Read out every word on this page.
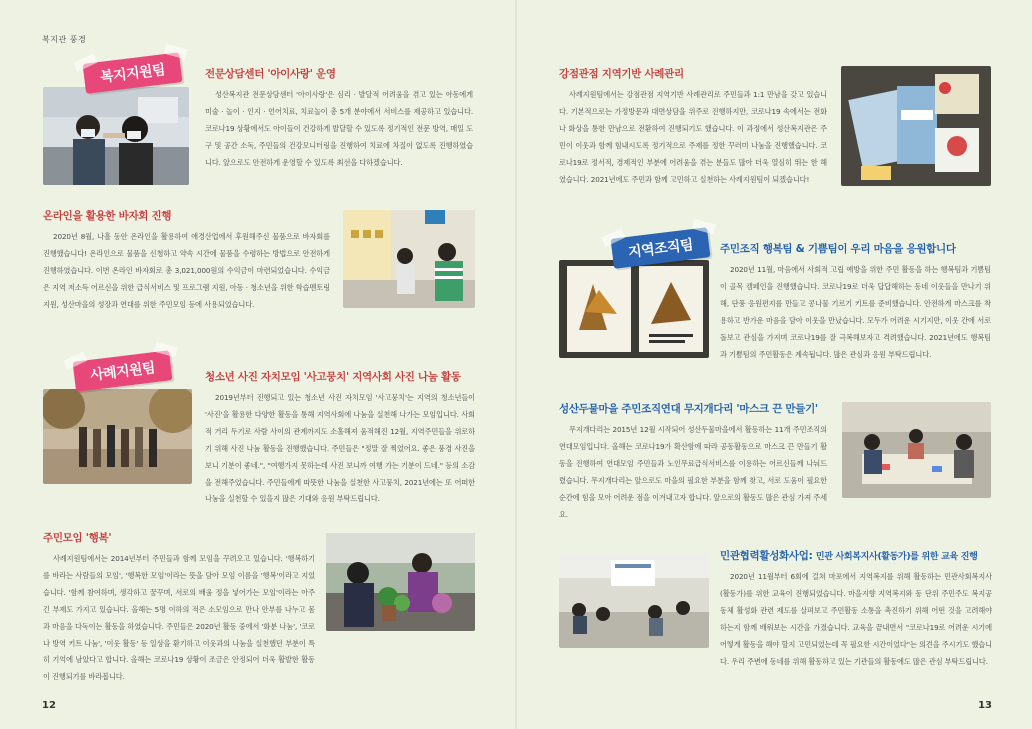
복지관 풍경
복지지원팀	전문상담센터 '아이사랑' 운영
성산복지관 전문상담센터 '아이사랑'은 심리 · 발달적 어려움을 겪고 있는 아동에게 미술 · 놀이 · 인지 · 언어치료, 치료놀이 총 5개 분야에서 서비스를 제공하고 있습니다. 코로나19 상황에서도 아이들이 건강하게 발달할 수 있도록 정기적인 전문 방역, 매일 도구 및 공간 소독, 주민들의 건강모니터링을 진행하여 치료에 차질이 없도록 진행하였습니다. 앞으로도 안전하게 운영할 수 있도록 최선을 다하겠습니다.
온라인을 활용한 바자회 진행
2020년 8월, 나흘 동안 온라인을 활용하여 애경산업에서 후원해주신 물품으로 바자회를 진행했습니다! 온라인으로 물품을 신청하고 약속 시간에 물품을 수령하는 방법으로 안전하게 진행하였습니다. 이번 온라인 바자회로 총 3,021,000원의 수익금이 마련되었습니다. 수익금은 지역 저소득 어르신을 위한 급식서비스 및 프로그램 지원, 아동 · 청소년을 위한 학습멘토링 지원, 성산마을의 성장과 연대를 위한 주민모임 등에 사용되었습니다.
사례지원팀	청소년 사진 자치모임 '사고뭉치' 지역사회 사진 나눔 활동
2019년부터 진행되고 있는 청소년 사진 자치모임 '사고뭉치'는 지역의 청소년들이 '사진'을 활용한 다양한 활동을 통해 지역사회에 나눔을 실천해 나가는 모임입니다. 사회적 거리 두기로 사람 사이의 관계까지도 소홀해져 움적해진 12월, 지역주민들을 위로하기 위해 사진 나눔 활동을 진행했습니다. 주민들은 "정말 잘 찍었어요. 좋은 풍경 사진을 보니 기분이 좋네.", "여행가지 못하는데 사진 보니까 여행 가는 기분이 드네." 등의 소감을 전해주었습니다. 주민들에게 따뜻한 나눔을 실천한 사고뭉치, 2021년에는 또 어떠한 나눔을 실천할 수 있을지 많은 기대와 응원 부탁드립니다.
주민모임 '행복'
사례지원팀에서는 2014년부터 주민들과 함께 모임을 꾸려오고 있습니다. '행복하기를 바라는 사람들의 모임', '행복한 모임'이라는 뜻을 담아 모임 이름을 '행복'이라고 지었습니다. '함께 참여하며, 생각하고 꿈꾸며, 서로의 배움 정을 넣어가는 모임'이라는 아주 긴 부제도 가지고 있습니다. 올해는 5명 이하의 적은 소모임으로 만나 안부를 나누고 몸과 마음을 다독이는 활동을 하였습니다. 주민들은 2020년 활동 중에서 '화분 나눔', '코로나 방역 키트 나눔', '이웃 활동' 등 일상을 환기하고 이웃과의 나눔을 실천했던 부분이 특히 기억에 남았다고 합니다. 올해는 코로나19 상황이 조금은 안정되어 더욱 활발한 활동이 진행되기를 바라봅니다.
12
강점관점 지역기반 사례관리
사례지원팀에서는 강점관점 지역기반 사례관리로 주민들과 1:1 만남을 갖고 있습니다. 기본적으로는 가정방문과 대면상담을 위주로 진행하지만, 코로나19 속에서는 전화나 화상을 통한 만남으로 전환하여 진행되기도 했습니다. 이 과정에서 성산복지관은 주민이 이웃과 함께 힘내시도록 정기적으로 주제를 정한 꾸러미 나눔을 진행했습니다. 코로나19로 정서적, 경제적인 부분에 어려움을 겪는 분들도 많아 더욱 열심히 뛰는 한 해였습니다. 2021년에도 주민과 함께 고민하고 실천하는 사례지원팀이 되겠습니다!
지역조직팀	주민조직 행복팀 & 기쁨팀이 우리 마음을 응원합니다
2020년 11월, 마음에서 사회적 고립 예방을 위한 주민 활동을 하는 행복팀과 기쁨팀이 골목 캠페인을 진행했습니다. 코로나19로 더욱 답답해하는 동네 이웃들을 만나기 위해, 단풍 응원편지를 만들고 콩나물 기르기 키트를 준비했습니다. 안전하게 마스크를 착용하고 반가운 마음을 담아 이웃을 만났습니다. 모두가 어려운 시기지만, 이웃 간에 서로 돌보고 관심을 가지며 코로나19를 잘 극복해보자고 격려했습니다. 2021년에도 행복팀과 기쁨팀의 주민활동은 계속됩니다. 많은 관심과 응원 부탁드립니다.
성산두물마을 주민조직연대 무지개다리 '마스크 끈 만들기'
무지개다리는 2015년 12월 시작되어 성산두물마을에서 활동하는 11개 주민조직의 연대모임입니다. 올해는 코로나19가 확산함에 따라 공동활동으로 마스크 끈 만들기 활동을 진행하여 연대모임 주민들과 노인무료급식서비스를 이용하는 어르신들께 나눠드렸습니다. 무지개다리는 앞으로도 마을의 필요한 부분을 함께 찾고, 서로 도움이 필요한 순간에 힘을 모아 어려운 점을 이겨내고자 합니다. 앞으로의 활동도 많은 관심 가져 주세요.
민관협력활성화사업: 민관 사회복지사(활동가)를 위한 교육 진행
2020년 11월부터 6회에 걸쳐 마포에서 지역복지를 위해 활동하는 민관사회복지사(활동가)를 위한 교육이 진행되었습니다. 마을지향 지역복지와 동 단위 주민주도 복지공동체 활성화 관련 제도를 살펴보고 주민활동 소통을 촉진하기 위해 어떤 것을 고려해야 하는지 함께 배워보는 시간을 가졌습니다. 교육을 끝내면서 "코로나19로 어려운 시기에 어떻게 활동을 해야 할지 고민되었는데 꼭 필요한 시간이었다"는 의견을 주시기도 했습니다. 우리 주변에 동네를 위해 활동하고 있는 기관들의 활동에도 많은 관심 부탁드립니다.
13
